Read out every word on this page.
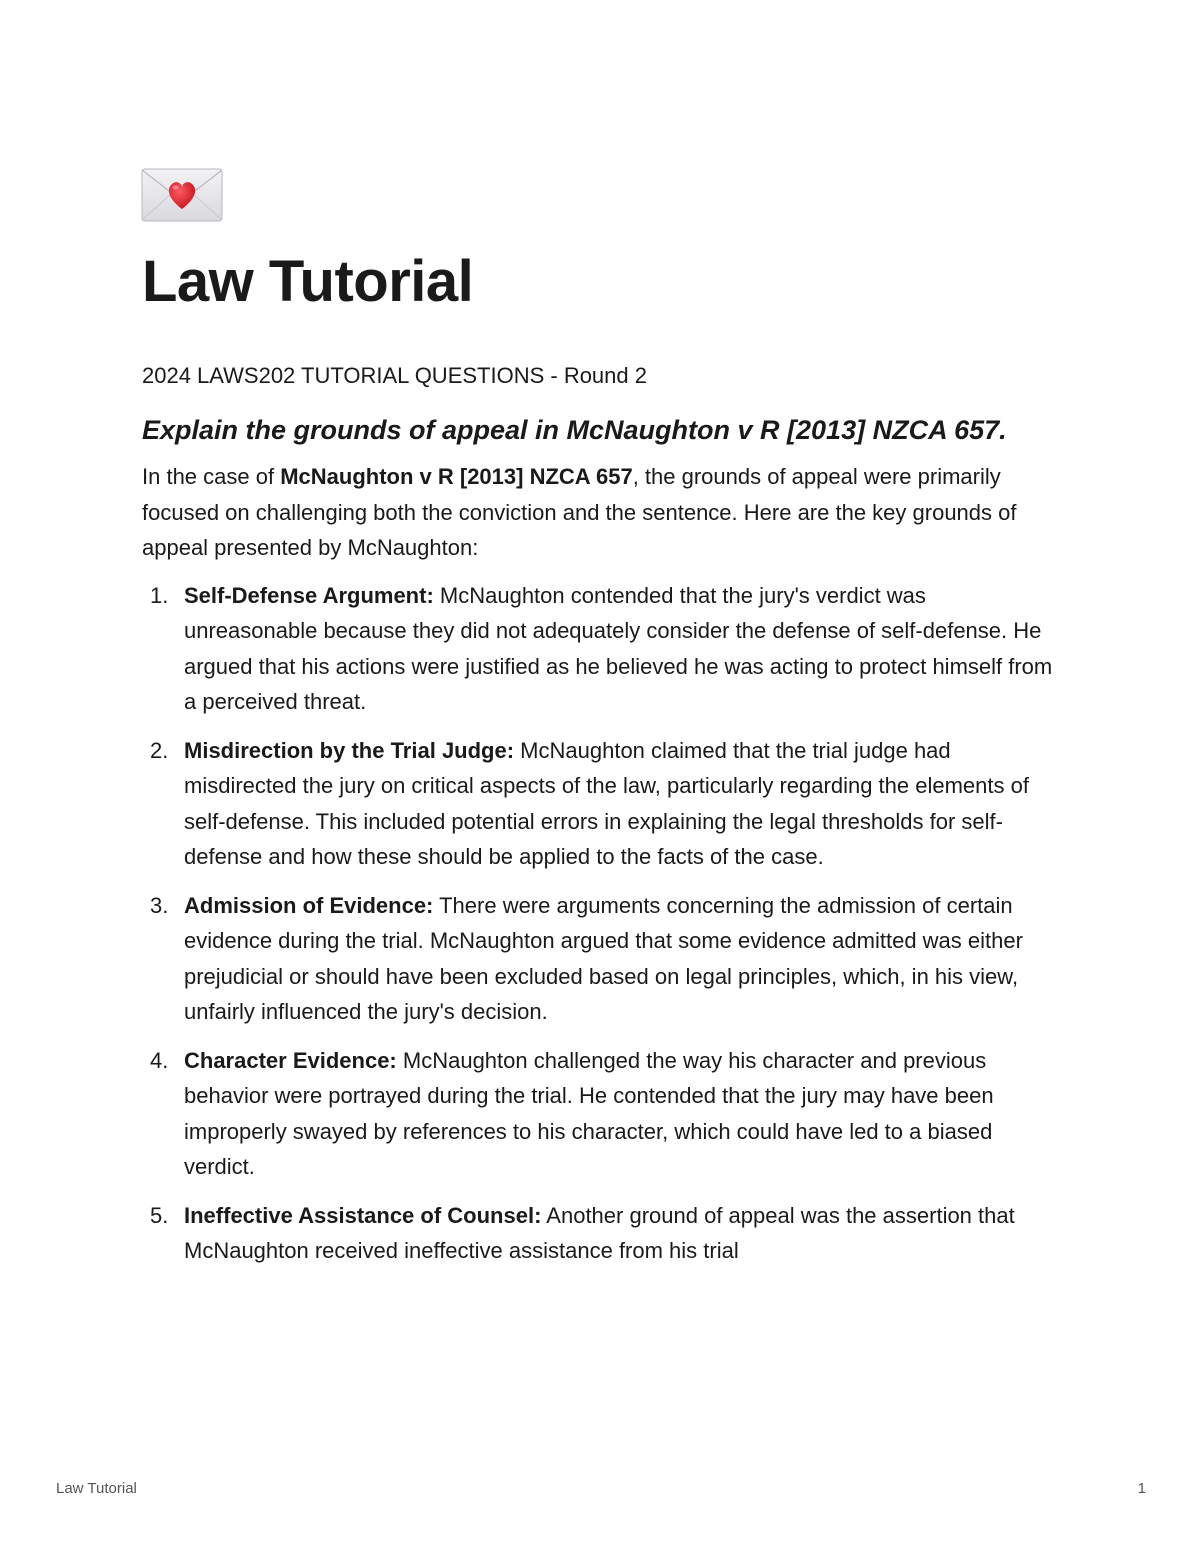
Law Tutorial

2024 LAWS202 TUTORIAL QUESTIONS - Round 2

Explain the grounds of appeal in McNaughton v R [2013] NZCA 657.

In the case of McNaughton v R [2013] NZCA 657, the grounds of appeal were primarily focused on challenging both the conviction and the sentence. Here are the key grounds of appeal presented by McNaughton:

1. Self-Defense Argument: McNaughton contended that the jury's verdict was unreasonable because they did not adequately consider the defense of self-defense. He argued that his actions were justified as he believed he was acting to protect himself from a perceived threat.
2. Misdirection by the Trial Judge: McNaughton claimed that the trial judge had misdirected the jury on critical aspects of the law, particularly regarding the elements of self-defense. This included potential errors in explaining the legal thresholds for self-defense and how these should be applied to the facts of the case.
3. Admission of Evidence: There were arguments concerning the admission of certain evidence during the trial. McNaughton argued that some evidence admitted was either prejudicial or should have been excluded based on legal principles, which, in his view, unfairly influenced the jury's decision.
4. Character Evidence: McNaughton challenged the way his character and previous behavior were portrayed during the trial. He contended that the jury may have been improperly swayed by references to his character, which could have led to a biased verdict.
5. Ineffective Assistance of Counsel: Another ground of appeal was the assertion that McNaughton received ineffective assistance from his trial
Law Tutorial	1
